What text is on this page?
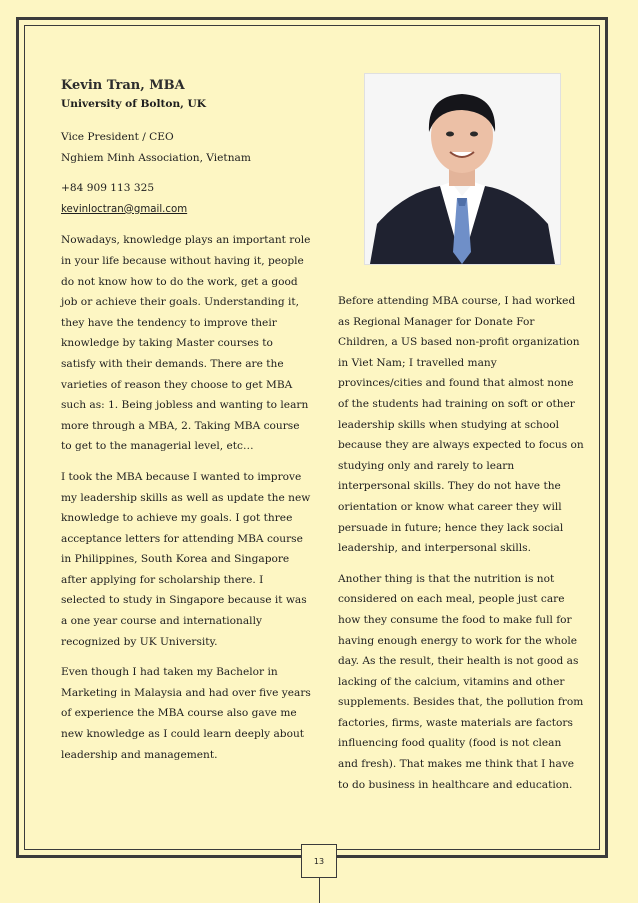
Kevin Tran, MBA
University of Bolton, UK
Vice President / CEO
Nghiem Minh Association, Vietnam
+84 909 113 325
kevinloctran@gmail.com

Nowadays, knowledge plays an important role in your life because without having it, people do not know how to do the work, get a good job or achieve their goals. Understanding it, they have the tendency to improve their knowledge by taking Master courses to satisfy with their demands. There are the varieties of reason they choose to get MBA such as: 1. Being jobless and wanting to learn more through a MBA, 2. Taking MBA course to get to the managerial level, etc…

I took the MBA because I wanted to improve my leadership skills as well as update the new knowledge to achieve my goals. I got three acceptance letters for attending MBA course in Philippines, South Korea and Singapore after applying for scholarship there. I selected to study in Singapore because it was a one year course and internationally recognized by UK University.

Even though I had taken my Bachelor in Marketing in Malaysia and had over five years of experience the MBA course also gave me new knowledge as I could learn deeply about leadership and management.

Before attending MBA course, I had worked as Regional Manager for Donate For Children, a US based non-profit organization in Viet Nam; I travelled many provinces/cities and found that almost none of the students had training on soft or other leadership skills when studying at school because they are always expected to focus on studying only and rarely to learn interpersonal skills. They do not have the orientation or know what career they will persuade in future; hence they lack social leadership, and interpersonal skills.

Another thing is that the nutrition is not considered on each meal, people just care how they consume the food to make full for having enough energy to work for the whole day. As the result, their health is not good as lacking of the calcium, vitamins and other supplements. Besides that, the pollution from factories, firms, waste materials are factors influencing food quality (food is not clean and fresh). That makes me think that I have to do business in healthcare and education.

13
